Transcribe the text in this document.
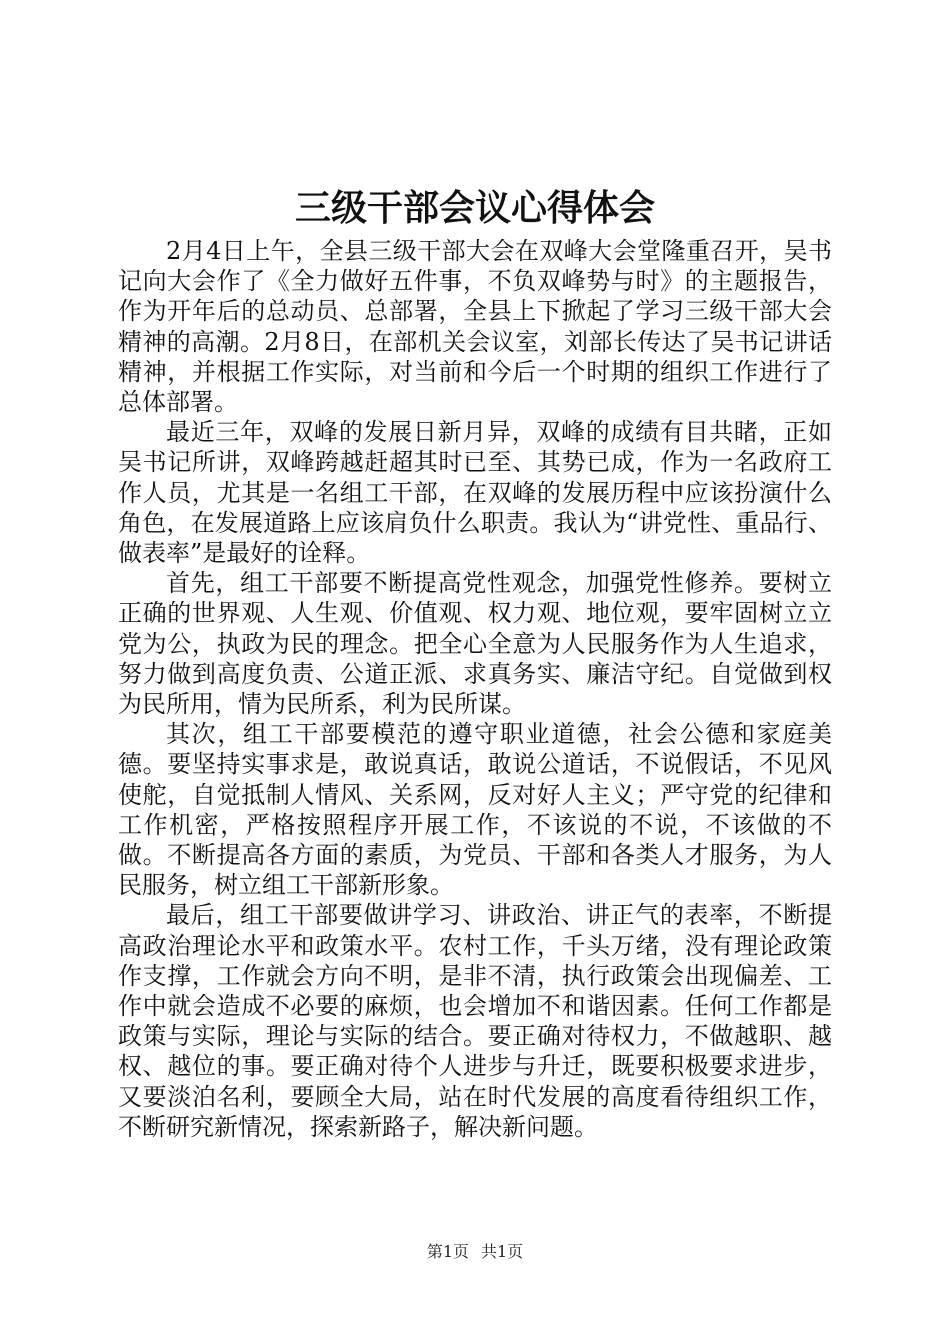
三级干部会议心得体会

2月4日上午，全县三级干部大会在双峰大会堂隆重召开，吴书记向大会作了《全力做好五件事，不负双峰势与时》的主题报告，作为开年后的总动员、总部署，全县上下掀起了学习三级干部大会精神的高潮。2月8日，在部机关会议室，刘部长传达了吴书记讲话精神，并根据工作实际，对当前和今后一个时期的组织工作进行了总体部署。

最近三年，双峰的发展日新月异，双峰的成绩有目共睹，正如吴书记所讲，双峰跨越赶超其时已至、其势已成，作为一名政府工作人员，尤其是一名组工干部，在双峰的发展历程中应该扮演什么角色，在发展道路上应该肩负什么职责。我认为“讲党性、重品行、做表率”是最好的诠释。

首先，组工干部要不断提高党性观念，加强党性修养。要树立正确的世界观、人生观、价值观、权力观、地位观，要牢固树立立党为公，执政为民的理念。把全心全意为人民服务作为人生追求，努力做到高度负责、公道正派、求真务实、廉洁守纪。自觉做到权为民所用，情为民所系，利为民所谋。

其次，组工干部要模范的遵守职业道德，社会公德和家庭美德。要坚持实事求是，敢说真话，敢说公道话，不说假话，不见风使舵，自觉抵制人情风、关系网，反对好人主义；严守党的纪律和工作机密，严格按照程序开展工作，不该说的不说，不该做的不做。不断提高各方面的素质，为党员、干部和各类人才服务，为人民服务，树立组工干部新形象。

最后，组工干部要做讲学习、讲政治、讲正气的表率，不断提高政治理论水平和政策水平。农村工作，千头万绪，没有理论政策作支撑，工作就会方向不明，是非不清，执行政策会出现偏差、工作中就会造成不必要的麻烦，也会增加不和谐因素。任何工作都是政策与实际，理论与实际的结合。要正确对待权力，不做越职、越权、越位的事。要正确对待个人进步与升迁，既要积极要求进步，又要淡泊名利，要顾全大局，站在时代发展的高度看待组织工作，不断研究新情况，探索新路子，解决新问题。

第1页 共1页
